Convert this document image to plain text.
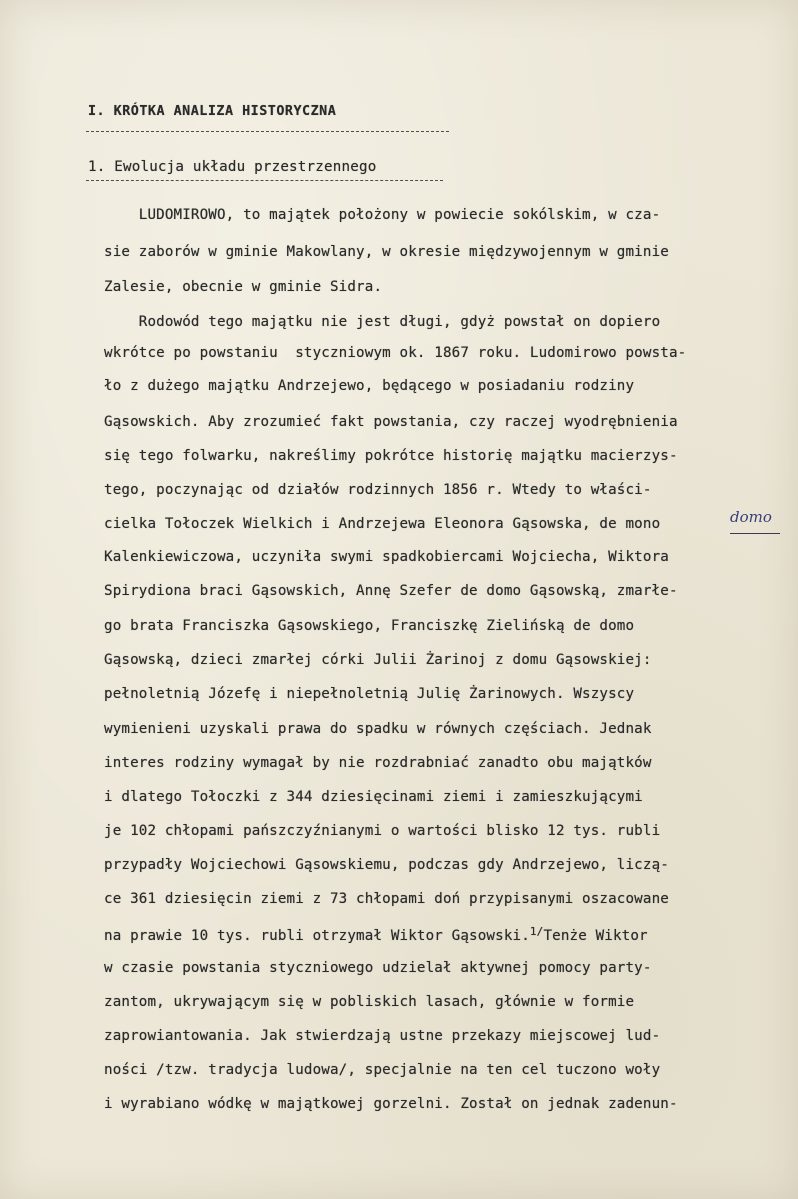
I. KRÓTKA ANALIZA HISTORYCZNA
1. Ewolucja układu przestrzennego
LUDOMIROWO, to majątek położony w powiecie sokólskim, w cza-
sie zaborów w gminie Makowlany, w okresie międzywojennym w gminie
Zalesie, obecnie w gminie Sidra.
Rodowód tego majątku nie jest długi, gdyż powstał on dopiero
wkrótce po powstaniu  styczniowym ok. 1867 roku. Ludomirowo powsta-
ło z dużego majątku Andrzejewo, będącego w posiadaniu rodziny
Gąsowskich. Aby zrozumieć fakt powstania, czy raczej wyodrębnienia
się tego folwarku, nakreślimy pokrótce historię majątku macierzys-
tego, poczynając od działów rodzinnych 1856 r. Wtedy to właści-
cielka Tołoczek Wielkich i Andrzejewa Eleonora Gąsowska, de mono
Kalenkiewiczowa, uczyniła swymi spadkobiercami Wojciecha, Wiktora
Spirydiona braci Gąsowskich, Annę Szefer de domo Gąsowską, zmarłe-
go brata Franciszka Gąsowskiego, Franciszkę Zielińską de domo
Gąsowską, dzieci zmarłej córki Julii Żarinoj z domu Gąsowskiej:
pełnoletnią Józefę i niepełnoletnią Julię Żarinowych. Wszyscy
wymienieni uzyskali prawa do spadku w równych częściach. Jednak
interes rodziny wymagał by nie rozdrabniać zanadto obu majątków
i dlatego Tołoczki z 344 dziesięcinami ziemi i zamieszkującymi
je 102 chłopami pańszczyźnianymi o wartości blisko 12 tys. rubli
przypadły Wojciechowi Gąsowskiemu, podczas gdy Andrzejewo, liczą-
ce 361 dziesięcin ziemi z 73 chłopami doń przypisanymi oszacowane
na prawie 10 tys. rubli otrzymał Wiktor Gąsowski.$^{1/}$Tenże Wiktor
w czasie powstania styczniowego udzielał aktywnej pomocy party-
zantom, ukrywającym się w pobliskich lasach, głównie w formie
zaprowiantowania. Jak stwierdzają ustne przekazy miejscowej lud-
ności /tzw. tradycja ludowa/, specjalnie na ten cel tuczono woły
i wyrabiano wódkę w majątkowej gorzelni. Został on jednak zadenun-
domo
